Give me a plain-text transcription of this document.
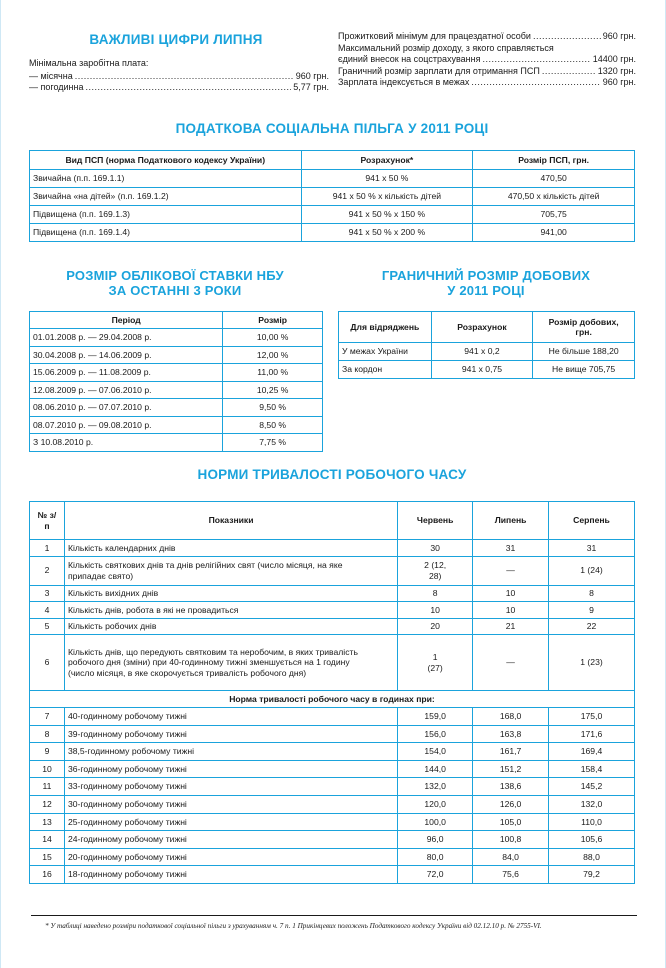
ВАЖЛИВІ ЦИФРИ ЛИПНЯ
Мінімальна заробітна плата:
— місячна .....	960 грн.
— погодинна .....	5,77 грн.
Прожитковий мінімум для працездатної особи .....	960 грн.
Максимальний розмір доходу, з якого справляється
єдиний внесок на соцстрахування .....	14400 грн.
Граничний розмір зарплати для отримання ПСП .....	1320 грн.
Зарплата індексується в межах .....	960 грн.
ПОДАТКОВА СОЦІАЛЬНА ПІЛЬГА У 2011 РОЦІ
Вид ПСП (норма Податкового кодексу України)	Розрахунок*	Розмір ПСП, грн.
Звичайна (п.п. 169.1.1)	941 х 50 %	470,50
Звичайна «на дітей» (п.п. 169.1.2)	941 х 50 % х кількість дітей	470,50 х кількість дітей
Підвищена (п.п. 169.1.3)	941 х 50 % х 150 %	705,75
Підвищена (п.п. 169.1.4)	941 х 50 % х 200 %	941,00
РОЗМІР ОБЛІКОВОЇ СТАВКИ НБУ
ЗА ОСТАННІ 3 РОКИ
Період	Розмір
01.01.2008 р. — 29.04.2008 р.	10,00 %
30.04.2008 р. — 14.06.2009 р.	12,00 %
15.06.2009 р. — 11.08.2009 р.	11,00 %
12.08.2009 р. — 07.06.2010 р.	10,25 %
08.06.2010 р. — 07.07.2010 р.	9,50 %
08.07.2010 р. — 09.08.2010 р.	8,50 %
З 10.08.2010 р.	7,75 %
ГРАНИЧНИЙ РОЗМІР ДОБОВИХ
У 2011 РОЦІ
Для відряджень	Розрахунок	Розмір добових, грн.
У межах України	941 х 0,2	Не більше 188,20
За кордон	941 х 0,75	Не вище 705,75
НОРМИ ТРИВАЛОСТІ РОБОЧОГО ЧАСУ
№ з/п	Показники	Червень	Липень	Серпень
1	Кількість календарних днів	30	31	31
2	Кількість святкових днів та днів релігійних свят (число місяця, на яке припадає свято)	2 (12, 28)	—	1 (24)
3	Кількість вихідних днів	8	10	8
4	Кількість днів, робота в які не провадиться	10	10	9
5	Кількість робочих днів	20	21	22
6	Кількість днів, що передують святковим та неробочим, в яких тривалість робочого дня (зміни) при 40-годинному тижні зменшується на 1 годину (число місяця, в яке скорочується тривалість робочого дня)	1 (27)	—	1 (23)
Норма тривалості робочого часу в годинах при:				
7	40-годинному робочому тижні	159,0	168,0	175,0
8	39-годинному робочому тижні	156,0	163,8	171,6
9	38,5-годинному робочому тижні	154,0	161,7	169,4
10	36-годинному робочому тижні	144,0	151,2	158,4
11	33-годинному робочому тижні	132,0	138,6	145,2
12	30-годинному робочому тижні	120,0	126,0	132,0
13	25-годинному робочому тижні	100,0	105,0	110,0
14	24-годинному робочому тижні	96,0	100,8	105,6
15	20-годинному робочому тижні	80,0	84,0	88,0
16	18-годинному робочому тижні	72,0	75,6	79,2
* У таблиці наведено розміри податкової соціальної пільги з урахуванням ч. 7 п. 1 Прикінцевих положень Податкового кодексу України від 02.12.10 р. № 2755-VI.
